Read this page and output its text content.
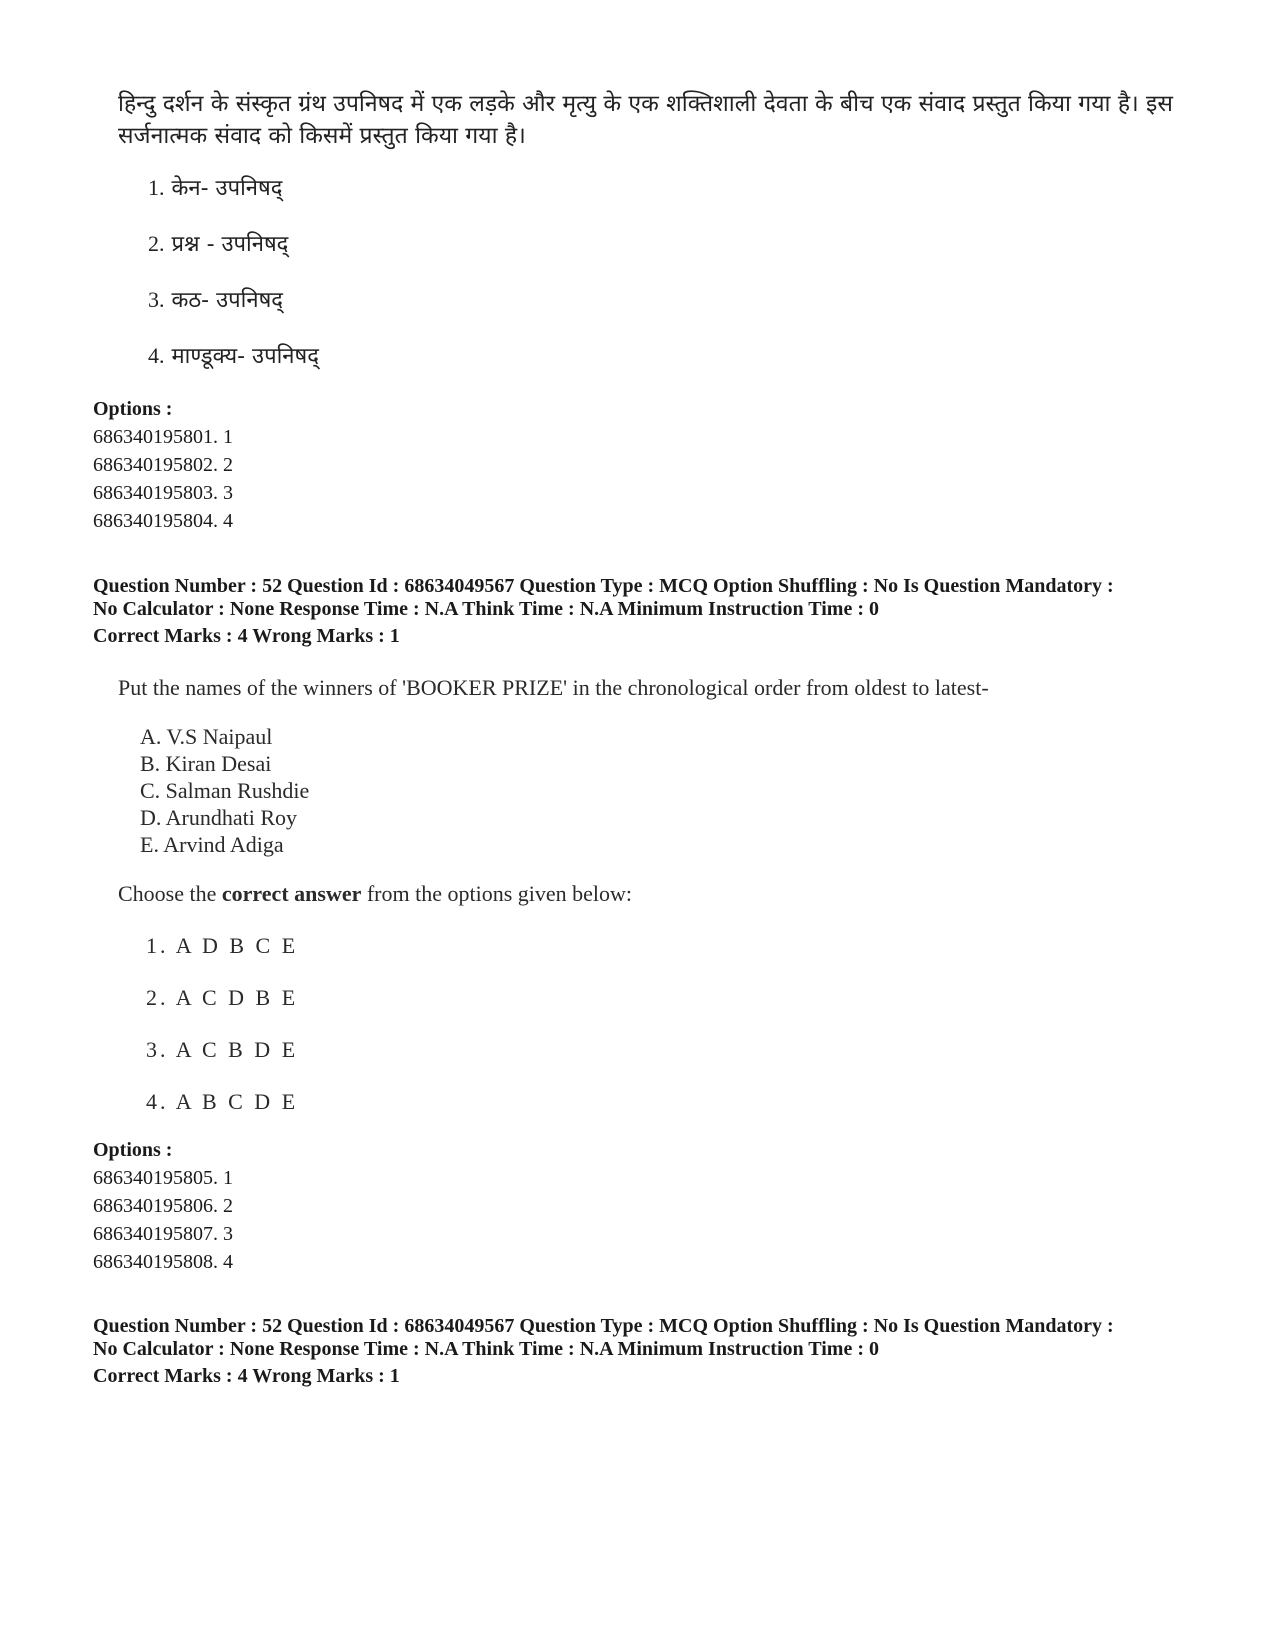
हिन्दु दर्शन के संस्कृत ग्रंथ उपनिषद में एक लड़के और मृत्यु के एक शक्तिशाली देवता के बीच एक संवाद प्रस्तुत किया गया है। इस सर्जनात्मक संवाद को किसमें प्रस्तुत किया गया है।
1. केन- उपनिषद्
2. प्रश्न - उपनिषद्
3. कठ- उपनिषद्
4. माण्डूक्य- उपनिषद्
Options :
686340195801. 1
686340195802. 2
686340195803. 3
686340195804. 4
Question Number : 52 Question Id : 68634049567 Question Type : MCQ Option Shuffling : No Is Question Mandatory :
No Calculator : None Response Time : N.A Think Time : N.A Minimum Instruction Time : 0
Correct Marks : 4 Wrong Marks : 1
Put the names of the winners of 'BOOKER PRIZE' in the chronological order from oldest to latest-
A. V.S Naipaul
B. Kiran Desai
C. Salman Rushdie
D. Arundhati Roy
E. Arvind Adiga
Choose the correct answer from the options given below:
1. A D B C E
2. A C D B E
3. A C B D E
4. A B C D E
Options :
686340195805. 1
686340195806. 2
686340195807. 3
686340195808. 4
Question Number : 52 Question Id : 68634049567 Question Type : MCQ Option Shuffling : No Is Question Mandatory :
No Calculator : None Response Time : N.A Think Time : N.A Minimum Instruction Time : 0
Correct Marks : 4 Wrong Marks : 1
